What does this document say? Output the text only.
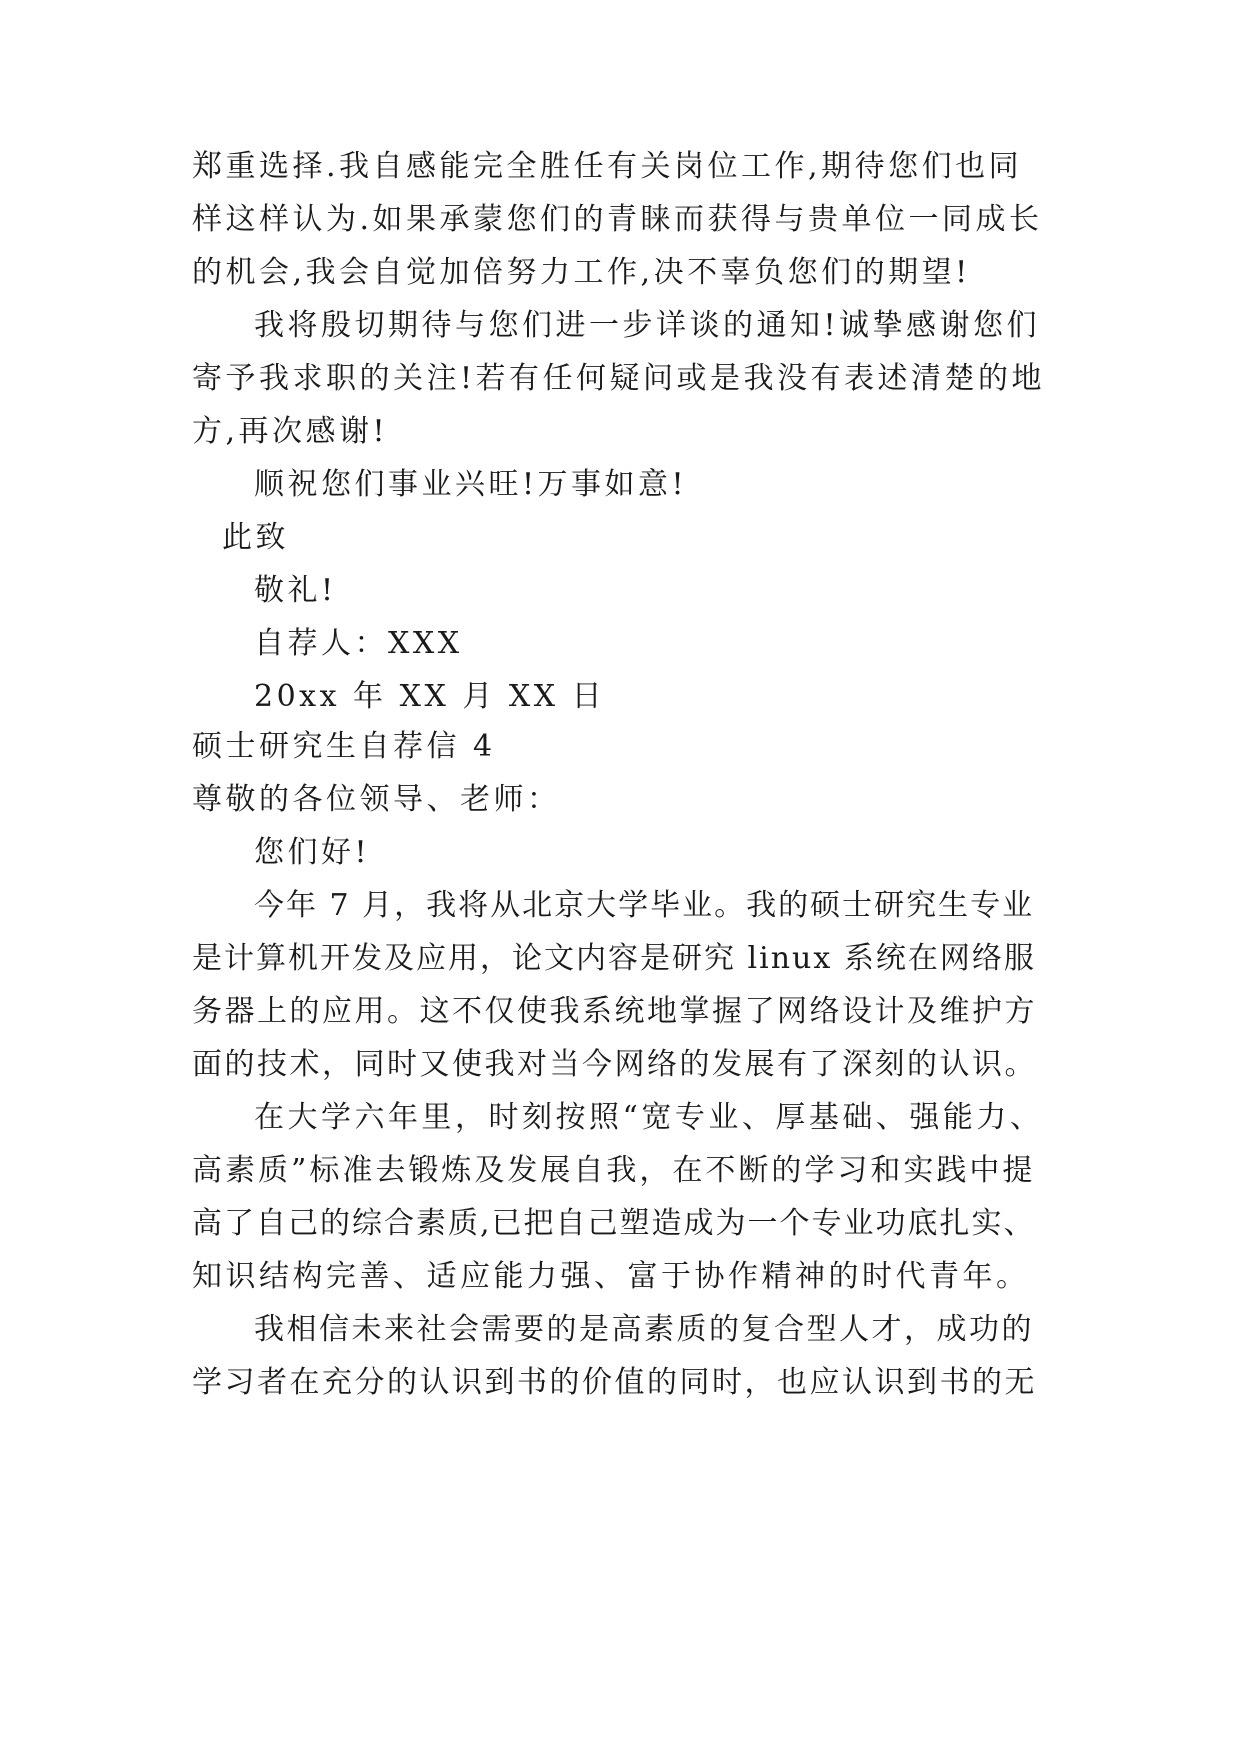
郑重选择.我自感能完全胜任有关岗位工作,期待您们也同
样这样认为.如果承蒙您们的青睐而获得与贵单位一同成长
的机会,我会自觉加倍努力工作,决不辜负您们的期望!
我将殷切期待与您们进一步详谈的通知!诚挚感谢您们
寄予我求职的关注!若有任何疑问或是我没有表述清楚的地
方,再次感谢!
顺祝您们事业兴旺!万事如意!
此致
敬礼!
自荐人：XXX
20xx 年 XX 月 XX 日
硕士研究生自荐信 4
尊敬的各位领导、老师：
您们好!
今年 7 月，我将从北京大学毕业。我的硕士研究生专业
是计算机开发及应用，论文内容是研究 linux 系统在网络服
务器上的应用。这不仅使我系统地掌握了网络设计及维护方
面的技术，同时又使我对当今网络的发展有了深刻的认识。
在大学六年里，时刻按照“宽专业、厚基础、强能力、
高素质”标准去锻炼及发展自我，在不断的学习和实践中提
高了自己的综合素质,已把自己塑造成为一个专业功底扎实、
知识结构完善、适应能力强、富于协作精神的时代青年。
我相信未来社会需要的是高素质的复合型人才，成功的
学习者在充分的认识到书的价值的同时，也应认识到书的无
